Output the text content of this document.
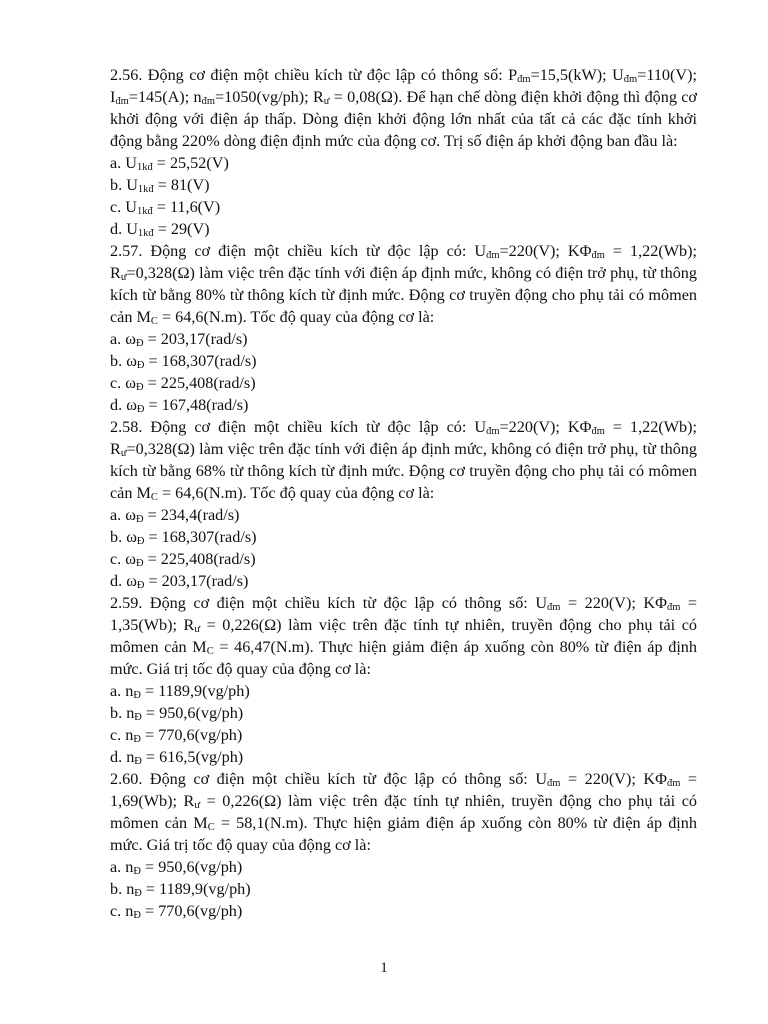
2.56. Động cơ điện một chiều kích từ độc lập có thông số: $P_{đm}=15,5(kW)$; $U_{đm}=110(V)$; $I_{đm}=145(A)$; $n_{đm}=1050(vg/ph)$; $R_ư = 0,08(\Omega)$. Để hạn chế dòng điện khởi động thì động cơ khởi động với điện áp thấp. Dòng điện khởi động lớn nhất của tất cả các đặc tính khởi động bằng 220% dòng điện định mức của động cơ. Trị số điện áp khởi động ban đầu là:

a. $U_{1kđ} = 25,52(V)$

b. $U_{1kđ} = 81(V)$

c. $U_{1kđ} = 11,6(V)$

d. $U_{1kđ} = 29(V)$

2.57. Động cơ điện một chiều kích từ độc lập có: $U_{đm}=220(V)$; $K\Phi_{đm} = 1,22(Wb)$; $R_ư=0,328(\Omega)$ làm việc trên đặc tính với điện áp định mức, không có điện trở phụ, từ thông kích từ bằng 80% từ thông kích từ định mức. Động cơ truyền động cho phụ tải có mômen cản $M_C = 64,6(N.m)$. Tốc độ quay của động cơ là:

a. $\omega_Đ = 203,17(rad/s)$

b. $\omega_Đ = 168,307(rad/s)$

c. $\omega_Đ = 225,408(rad/s)$

d. $\omega_Đ = 167,48(rad/s)$

2.58. Động cơ điện một chiều kích từ độc lập có: $U_{đm}=220(V)$; $K\Phi_{đm} = 1,22(Wb)$; $R_ư=0,328(\Omega)$ làm việc trên đặc tính với điện áp định mức, không có điện trở phụ, từ thông kích từ bằng 68% từ thông kích từ định mức. Động cơ truyền động cho phụ tải có mômen cản $M_C = 64,6(N.m)$. Tốc độ quay của động cơ là:

a. $\omega_Đ = 234,4(rad/s)$

b. $\omega_Đ = 168,307(rad/s)$

c. $\omega_Đ = 225,408(rad/s)$

d. $\omega_Đ = 203,17(rad/s)$

2.59. Động cơ điện một chiều kích từ độc lập có thông số: $U_{đm} = 220(V)$; $K\Phi_{đm} = 1,35(Wb)$; $R_ư = 0,226(\Omega)$ làm việc trên đặc tính tự nhiên, truyền động cho phụ tải có mômen cản $M_C = 46,47(N.m)$. Thực hiện giảm điện áp xuống còn 80% từ điện áp định mức. Giá trị tốc độ quay của động cơ là:

a. $n_Đ = 1189,9(vg/ph)$

b. $n_Đ = 950,6(vg/ph)$

c. $n_Đ = 770,6(vg/ph)$

d. $n_Đ = 616,5(vg/ph)$

2.60. Động cơ điện một chiều kích từ độc lập có thông số: $U_{đm} = 220(V)$; $K\Phi_{đm} = 1,69(Wb)$; $R_ư = 0,226(\Omega)$ làm việc trên đặc tính tự nhiên, truyền động cho phụ tải có mômen cản $M_C = 58,1(N.m)$. Thực hiện giảm điện áp xuống còn 80% từ điện áp định mức. Giá trị tốc độ quay của động cơ là:

a. $n_Đ = 950,6(vg/ph)$

b. $n_Đ = 1189,9(vg/ph)$

c. $n_Đ = 770,6(vg/ph)$

1
